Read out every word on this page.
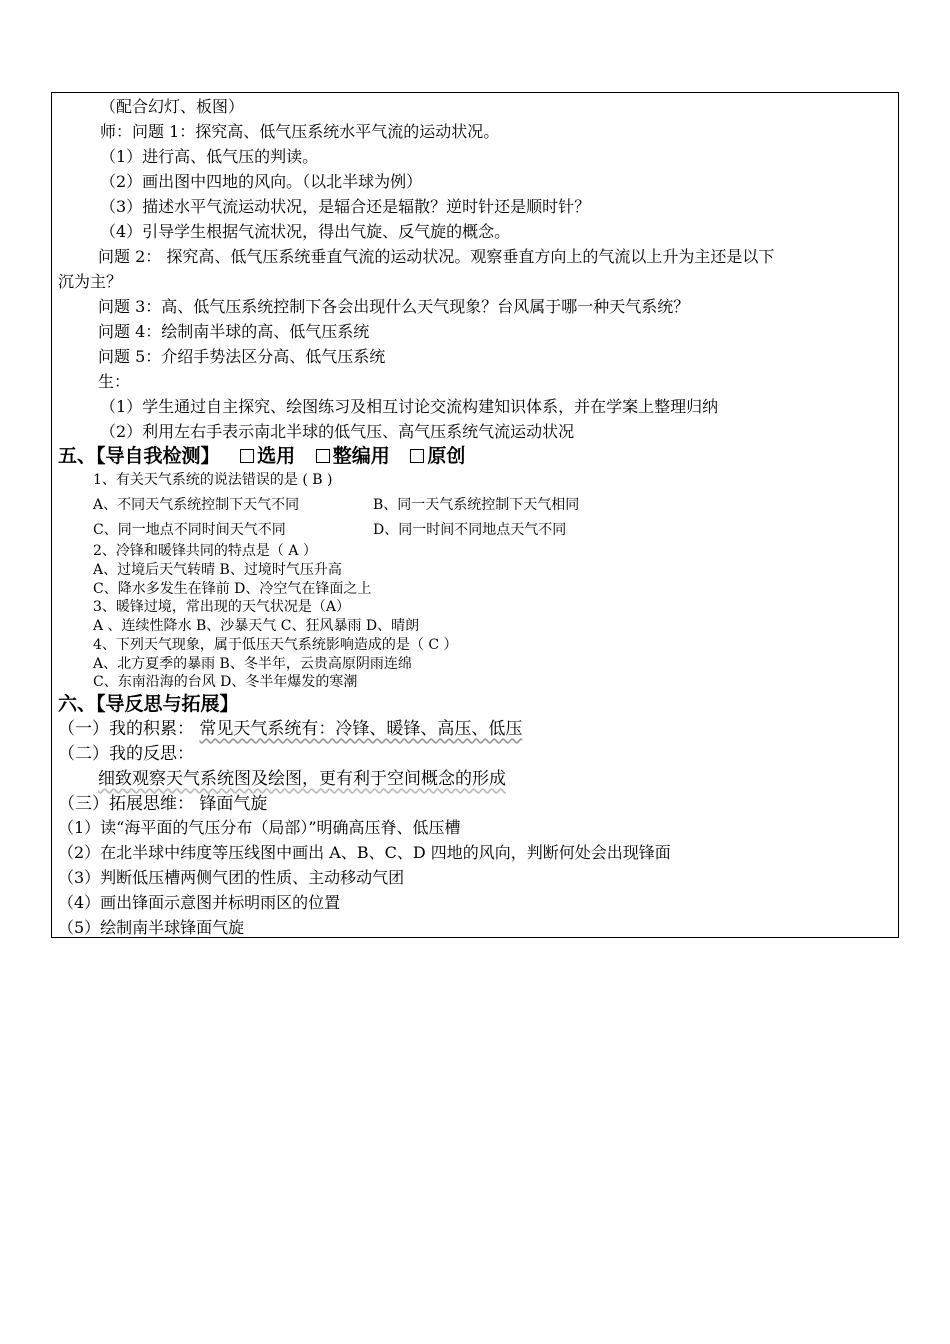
（配合幻灯、板图）
师：问题 1：探究高、低气压系统水平气流的运动状况。
（1）进行高、低气压的判读。
（2）画出图中四地的风向。（以北半球为例）
（3）描述水平气流运动状况，是辐合还是辐散？逆时针还是顺时针？
（4）引导学生根据气流状况，得出气旋、反气旋的概念。
问题 2： 探究高、低气压系统垂直气流的运动状况。观察垂直方向上的气流以上升为主还是以下
沉为主？
问题 3：高、低气压系统控制下各会出现什么天气现象？台风属于哪一种天气系统？
问题 4：绘制南半球的高、低气压系统
问题 5：介绍手势法区分高、低气压系统
生：
（1）学生通过自主探究、绘图练习及相互讨论交流构建知识体系，并在学案上整理归纳
（2）利用左右手表示南北半球的低气压、高气压系统气流运动状况
五、【导自我检测】 选用 整编用 原创
1、有关天气系统的说法错误的是 ( B )
A、不同天气系统控制下天气不同	B、同一天气系统控制下天气相同
C、同一地点不同时间天气不同	D、同一时间不同地点天气不同
2、冷锋和暖锋共同的特点是（ A ）
A、过境后天气转晴 B、过境时气压升高
C、降水多发生在锋前 D、冷空气在锋面之上
3、暖锋过境，常出现的天气状况是（A）
A 、连续性降水 B、沙暴天气 C、狂风暴雨 D、晴朗
4、下列天气现象，属于低压天气系统影响造成的是（ C ）
A、北方夏季的暴雨 B、冬半年，云贵高原阴雨连绵
C、东南沿海的台风 D、冬半年爆发的寒潮
六、【导反思与拓展】
（一）我的积累： 常见天气系统有：冷锋、暖锋、高压、低压
（二）我的反思：
细致观察天气系统图及绘图，更有利于空间概念的形成
（三）拓展思维： 锋面气旋
（1）读“海平面的气压分布（局部）”明确高压脊、低压槽
（2）在北半球中纬度等压线图中画出 A、B、C、D 四地的风向，判断何处会出现锋面
（3）判断低压槽两侧气团的性质、主动移动气团
（4）画出锋面示意图并标明雨区的位置
（5）绘制南半球锋面气旋
